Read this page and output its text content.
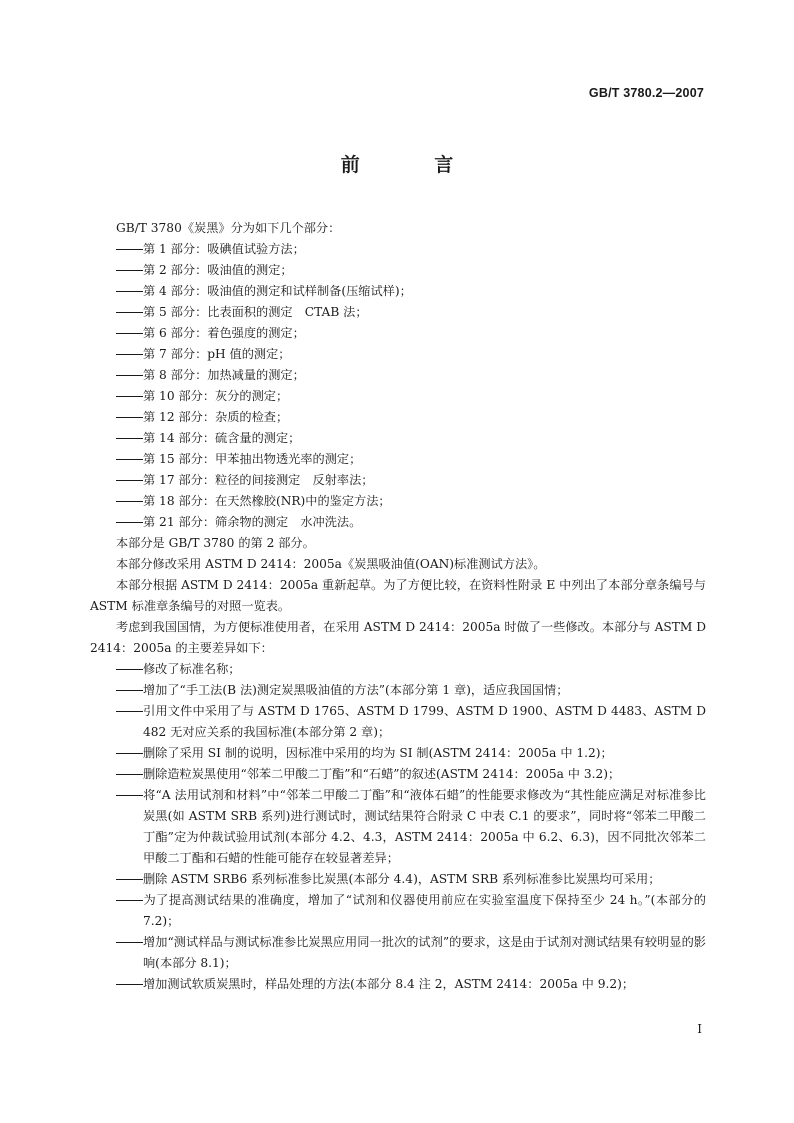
GB/T 3780.2—2007
前 言

GB/T 3780《炭黑》分为如下几个部分：

第 1 部分：吸碘值试验方法；

第 2 部分：吸油值的测定；

第 4 部分：吸油值的测定和试样制备(压缩试样)；

第 5 部分：比表面积的测定　CTAB 法；

第 6 部分：着色强度的测定；

第 7 部分：pH 值的测定；

第 8 部分：加热减量的测定；

第 10 部分：灰分的测定；

第 12 部分：杂质的检查；

第 14 部分：硫含量的测定；

第 15 部分：甲苯抽出物透光率的测定；

第 17 部分：粒径的间接测定　反射率法；

第 18 部分：在天然橡胶(NR)中的鉴定方法；

第 21 部分：筛余物的测定　水冲洗法。

本部分是 GB/T 3780 的第 2 部分。

本部分修改采用 ASTM D 2414：2005a《炭黑吸油值(OAN)标准测试方法》。

本部分根据 ASTM D 2414：2005a 重新起草。为了方便比较，在资料性附录 E 中列出了本部分章条编号与 ASTM 标准章条编号的对照一览表。

考虑到我国国情，为方便标准使用者，在采用 ASTM D 2414：2005a 时做了一些修改。本部分与 ASTM D 2414：2005a 的主要差异如下：

修改了标准名称；

增加了“手工法(B 法)测定炭黑吸油值的方法”(本部分第 1 章)，适应我国国情；

引用文件中采用了与 ASTM D 1765、ASTM D 1799、ASTM D 1900、ASTM D 4483、ASTM D 482 无对应关系的我国标准(本部分第 2 章)；

删除了采用 SI 制的说明，因标准中采用的均为 SI 制(ASTM 2414：2005a 中 1.2)；

删除造粒炭黑使用“邻苯二甲酸二丁酯”和“石蜡”的叙述(ASTM 2414：2005a 中 3.2)；

将“A 法用试剂和材料”中“邻苯二甲酸二丁酯”和“液体石蜡”的性能要求修改为“其性能应满足对标准参比炭黑(如 ASTM SRB 系列)进行测试时，测试结果符合附录 C 中表 C.1 的要求”，同时将“邻苯二甲酸二丁酯”定为仲裁试验用试剂(本部分 4.2、4.3，ASTM 2414：2005a 中 6.2、6.3)，因不同批次邻苯二甲酸二丁酯和石蜡的性能可能存在较显著差异；

删除 ASTM SRB6 系列标准参比炭黑(本部分 4.4)，ASTM SRB 系列标准参比炭黑均可采用；

为了提高测试结果的准确度，增加了“试剂和仪器使用前应在实验室温度下保持至少 24 h。”(本部分的 7.2)；

增加“测试样品与测试标准参比炭黑应用同一批次的试剂”的要求，这是由于试剂对测试结果有较明显的影响(本部分 8.1)；

增加测试软质炭黑时，样品处理的方法(本部分 8.4 注 2，ASTM 2414：2005a 中 9.2)；

I
